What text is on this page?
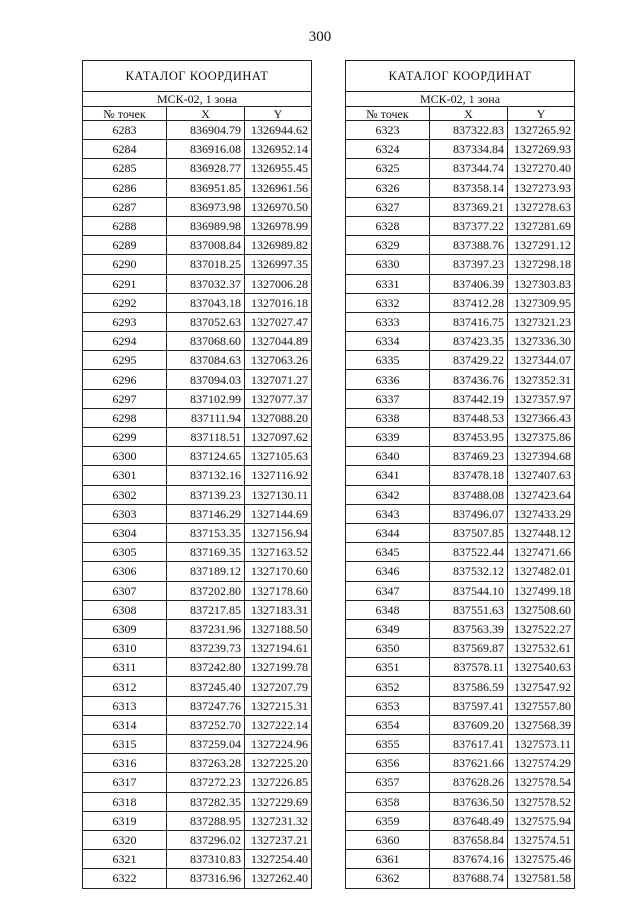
300
КАТАЛОГ КООРДИНАТ		
МСК-02, 1 зона		
№ точек	X	Y
6283	836904.79	1326944.62
6284	836916.08	1326952.14
6285	836928.77	1326955.45
6286	836951.85	1326961.56
6287	836973.98	1326970.50
6288	836989.98	1326978.99
6289	837008.84	1326989.82
6290	837018.25	1326997.35
6291	837032.37	1327006.28
6292	837043.18	1327016.18
6293	837052.63	1327027.47
6294	837068.60	1327044.89
6295	837084.63	1327063.26
6296	837094.03	1327071.27
6297	837102.99	1327077.37
6298	837111.94	1327088.20
6299	837118.51	1327097.62
6300	837124.65	1327105.63
6301	837132.16	1327116.92
6302	837139.23	1327130.11
6303	837146.29	1327144.69
6304	837153.35	1327156.94
6305	837169.35	1327163.52
6306	837189.12	1327170.60
6307	837202.80	1327178.60
6308	837217.85	1327183.31
6309	837231.96	1327188.50
6310	837239.73	1327194.61
6311	837242.80	1327199.78
6312	837245.40	1327207.79
6313	837247.76	1327215.31
6314	837252.70	1327222.14
6315	837259.04	1327224.96
6316	837263.28	1327225.20
6317	837272.23	1327226.85
6318	837282.35	1327229.69
6319	837288.95	1327231.32
6320	837296.02	1327237.21
6321	837310.83	1327254.40
6322	837316.96	1327262.40
КАТАЛОГ КООРДИНАТ		
МСК-02, 1 зона		
№ точек	X	Y
6323	837322.83	1327265.92
6324	837334.84	1327269.93
6325	837344.74	1327270.40
6326	837358.14	1327273.93
6327	837369.21	1327278.63
6328	837377.22	1327281.69
6329	837388.76	1327291.12
6330	837397.23	1327298.18
6331	837406.39	1327303.83
6332	837412.28	1327309.95
6333	837416.75	1327321.23
6334	837423.35	1327336.30
6335	837429.22	1327344.07
6336	837436.76	1327352.31
6337	837442.19	1327357.97
6338	837448.53	1327366.43
6339	837453.95	1327375.86
6340	837469.23	1327394.68
6341	837478.18	1327407.63
6342	837488.08	1327423.64
6343	837496.07	1327433.29
6344	837507.85	1327448.12
6345	837522.44	1327471.66
6346	837532.12	1327482.01
6347	837544.10	1327499.18
6348	837551.63	1327508.60
6349	837563.39	1327522.27
6350	837569.87	1327532.61
6351	837578.11	1327540.63
6352	837586.59	1327547.92
6353	837597.41	1327557.80
6354	837609.20	1327568.39
6355	837617.41	1327573.11
6356	837621.66	1327574.29
6357	837628.26	1327578.54
6358	837636.50	1327578.52
6359	837648.49	1327575.94
6360	837658.84	1327574.51
6361	837674.16	1327575.46
6362	837688.74	1327581.58
